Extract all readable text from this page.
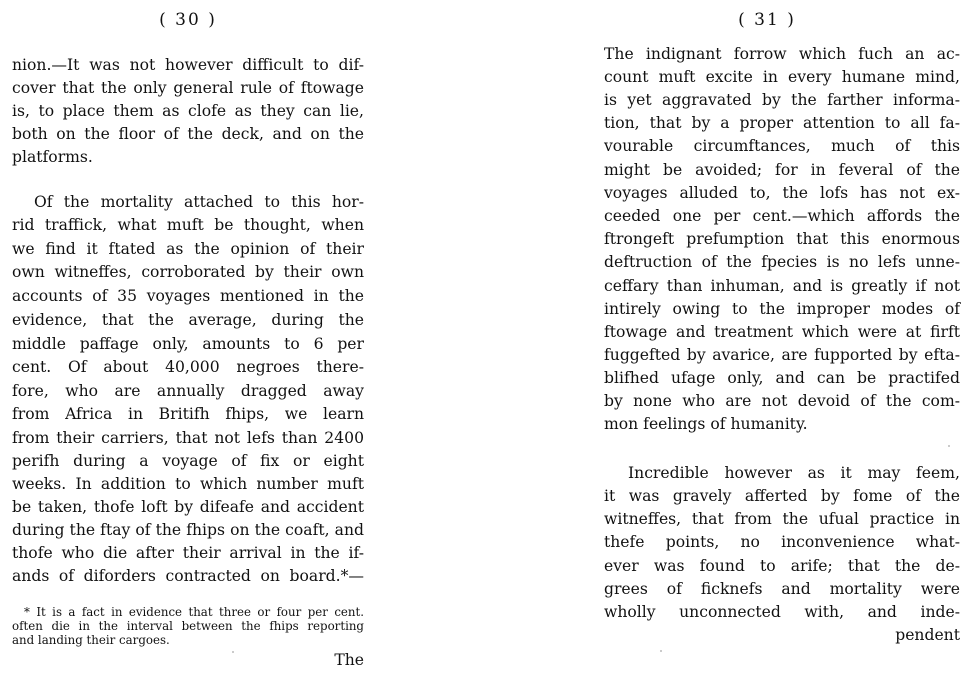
( 30 )
nion.—It was not however difficult to dif-
cover that the only general rule of ftowage
is, to place them as clofe as they can lie,
both on the floor of the deck, and on the
platforms.
Of the mortality attached to this hor-
rid traffick, what muft be thought, when
we find it ftated as the opinion of their
own witneffes, corroborated by their own
accounts of 35 voyages mentioned in the
evidence, that the average, during the
middle paffage only, amounts to 6 per
cent. Of about 40,000 negroes there-
fore, who are annually dragged away
from Africa in Britifh fhips, we learn
from their carriers, that not lefs than 2400
perifh during a voyage of fix or eight
weeks. In addition to which number muft
be taken, thofe loft by difeafe and accident
during the ftay of the fhips on the coaft, and
thofe who die after their arrival in the if-
ands of diforders contracted on board.*—
* It is a fact in evidence that three or four per cent.
often die in the interval between the fhips reporting
and landing their cargoes.
The
( 31 )
The indignant forrow which fuch an ac-
count muft excite in every humane mind,
is yet aggravated by the farther informa-
tion, that by a proper attention to all fa-
vourable circumftances, much of this
might be avoided; for in feveral of the
voyages alluded to, the lofs has not ex-
ceeded one per cent.—which affords the
ftrongeft prefumption that this enormous
deftruction of the fpecies is no lefs unne-
ceffary than inhuman, and is greatly if not
intirely owing to the improper modes of
ftowage and treatment which were at firft
fuggefted by avarice, are fupported by efta-
blifhed ufage only, and can be practifed
by none who are not devoid of the com-
mon feelings of humanity.
Incredible however as it may feem,
it was gravely afferted by fome of the
witneffes, that from the ufual practice in
thefe points, no inconvenience what-
ever was found to arife; that the de-
grees of ficknefs and mortality were
wholly unconnected with, and inde-
pendent
